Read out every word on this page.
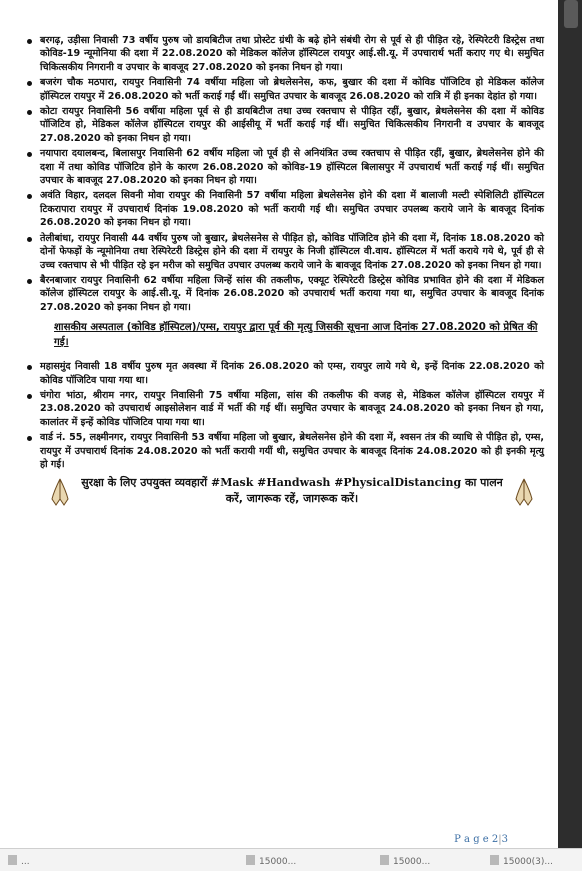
बरगढ़, उड़ीसा निवासी 73 वर्षीय पुरुष जो डायबिटीज तथा प्रोस्टेट ग्रंथी के बढ़े होने संबंधी रोग से पूर्व से ही पीड़ित रहे, रेस्पिरेटरी डिस्ट्रेस तथा कोविड-19 न्यूमोनिया की दशा में 22.08.2020 को मेडिकल कॉलेज हॉस्पिटल रायपुर आई.सी.यू. में उपचारार्थ भर्ती कराए गए थे। समुचित चिकित्सकीय निगरानी व उपचार के बावजूद 27.08.2020 को इनका निधन हो गया।
बजरंग चौक मठपारा, रायपुर निवासिनी 74 वर्षीया महिला जो ब्रेथलेसनेस, कफ, बुखार की दशा में कोविड पॉजिटिव हो मेडिकल कॉलेज हॉस्पिटल रायपुर में 26.08.2020 को भर्ती कराई गईं थीं। समुचित उपचार के बावजूद 26.08.2020 को रात्रि में ही इनका देहांत हो गया।
कोटा रायपुर निवासिनी 56 वर्षीया महिला पूर्व से ही डायबिटीज तथा उच्च रक्तचाप से पीड़ित रहीं, बुखार, ब्रेथलेसनेस की दशा में कोविड पॉजिटिव हो, मेडिकल कॉलेज हॉस्पिटल रायपुर की आईसीयू में भर्ती कराई गई थीं। समुचित चिकित्सकीय निगरानी व उपचार के बावजूद 27.08.2020 को इनका निधन हो गया।
नयापारा दयालबन्द, बिलासपुर निवासिनी 62 वर्षीय महिला जो पूर्व ही से अनियंत्रित उच्च रक्तचाप से पीड़ित रहीं, बुखार, ब्रेथलेसनेस होने की दशा में तथा कोविड पॉजिटिव होने के कारण 26.08.2020 को कोविड-19 हॉस्पिटल बिलासपुर में उपचारार्थ भर्ती कराई गई थीं। समुचित उपचार के बावजूद 27.08.2020 को इनका निधन हो गया।
अवंति विहार, दलदल सिवनी मोवा रायपुर की निवासिनी 57 वर्षीया महिला ब्रेथलेसनेस होने की दशा में बालाजी मल्टी स्पेशिलिटी हॉस्पिटल टिकरापारा रायपुर में उपचारार्थ दिनांक 19.08.2020 को भर्ती करायी गई थी। समुचित उपचार उपलब्ध कराये जाने के बावजूद दिनांक 26.08.2020 को इनका निधन हो गया।
तेलीबांधा, रायपुर निवासी 44 वर्षीय पुरुष जो बुखार, ब्रेथलेसनेस से पीड़ित हो, कोविड पॉजिटिव होने की दशा में, दिनांक 18.08.2020 को दोनों फेफड़ों के न्यूमोनिया तथा रेस्पिरेटरी डिस्ट्रेस होने की दशा में रायपुर के निजी हॉस्पिटल वी.वाय. हॉस्पिटल में भर्ती कराये गये थे, पूर्व ही से उच्च रक्तचाप से भी पीड़ित रहे इन मरीज को समुचित उपचार उपलब्ध कराये जाने के बावजूद दिनांक 27.08.2020 को इनका निधन हो गया।
बैरनबाजार रायपुर निवासिनी 62 वर्षीया महिला जिन्हें सांस की तकलीफ, एक्यूट रेस्पिरेटरी डिस्ट्रेस कोविड प्रभावित होने की दशा में मेडिकल कॉलेज हॉस्पिटल रायपुर के आई.सी.यू. में दिनांक 26.08.2020 को उपचारार्थ भर्ती कराया गया था, समुचित उपचार के बावजूद दिनांक 27.08.2020 को इनका निधन हो गया।
शासकीय अस्पताल (कोविड हॉस्पिटल)/एम्स, रायपुर द्वारा पूर्व की मृत्यु जिसकी सूचना आज दिनांक 27.08.2020 को प्रेषित की गई।
महासमुंद निवासी 18 वर्षीय पुरुष मृत अवस्था में दिनांक 26.08.2020 को एम्स, रायपुर लाये गये थे, इन्हें दिनांक 22.08.2020 को कोविड पॉजिटिव पाया गया था।
चंगोरा भांठा, श्रीराम नगर, रायपुर निवासिनी 75 वर्षीया महिला, सांस की तकलीफ की वजह से, मेडिकल कॉलेज हॉस्पिटल रायपुर में 23.08.2020 को उपचारार्थ आइसोलेशन वार्ड में भर्ती की गई थीं। समुचित उपचार के बावजूद 24.08.2020 को इनका निधन हो गया, कालांतर में इन्हें कोविड पॉजिटिव पाया गया था।
वार्ड नं. 55, लक्ष्मीनगर, रायपुर निवासिनी 53 वर्षीया महिला जो बुखार, ब्रेथलेसनेस होने की दशा में, श्वसन तंत्र की व्याधि से पीड़ित हो, एम्स, रायपुर में उपचारार्थ दिनांक 24.08.2020 को भर्ती करायी गयीं थी, समुचित उपचार के बावजूद दिनांक 24.08.2020 को ही इनकी मृत्यु हो गई।
सुरक्षा के लिए उपयुक्त व्यवहारों #Mask #Handwash #PhysicalDistancing का पालन करें, जागरूक रहें, जागरूक करें।
P a g e 2|3
...	15000...	15000...	15000(3)...
